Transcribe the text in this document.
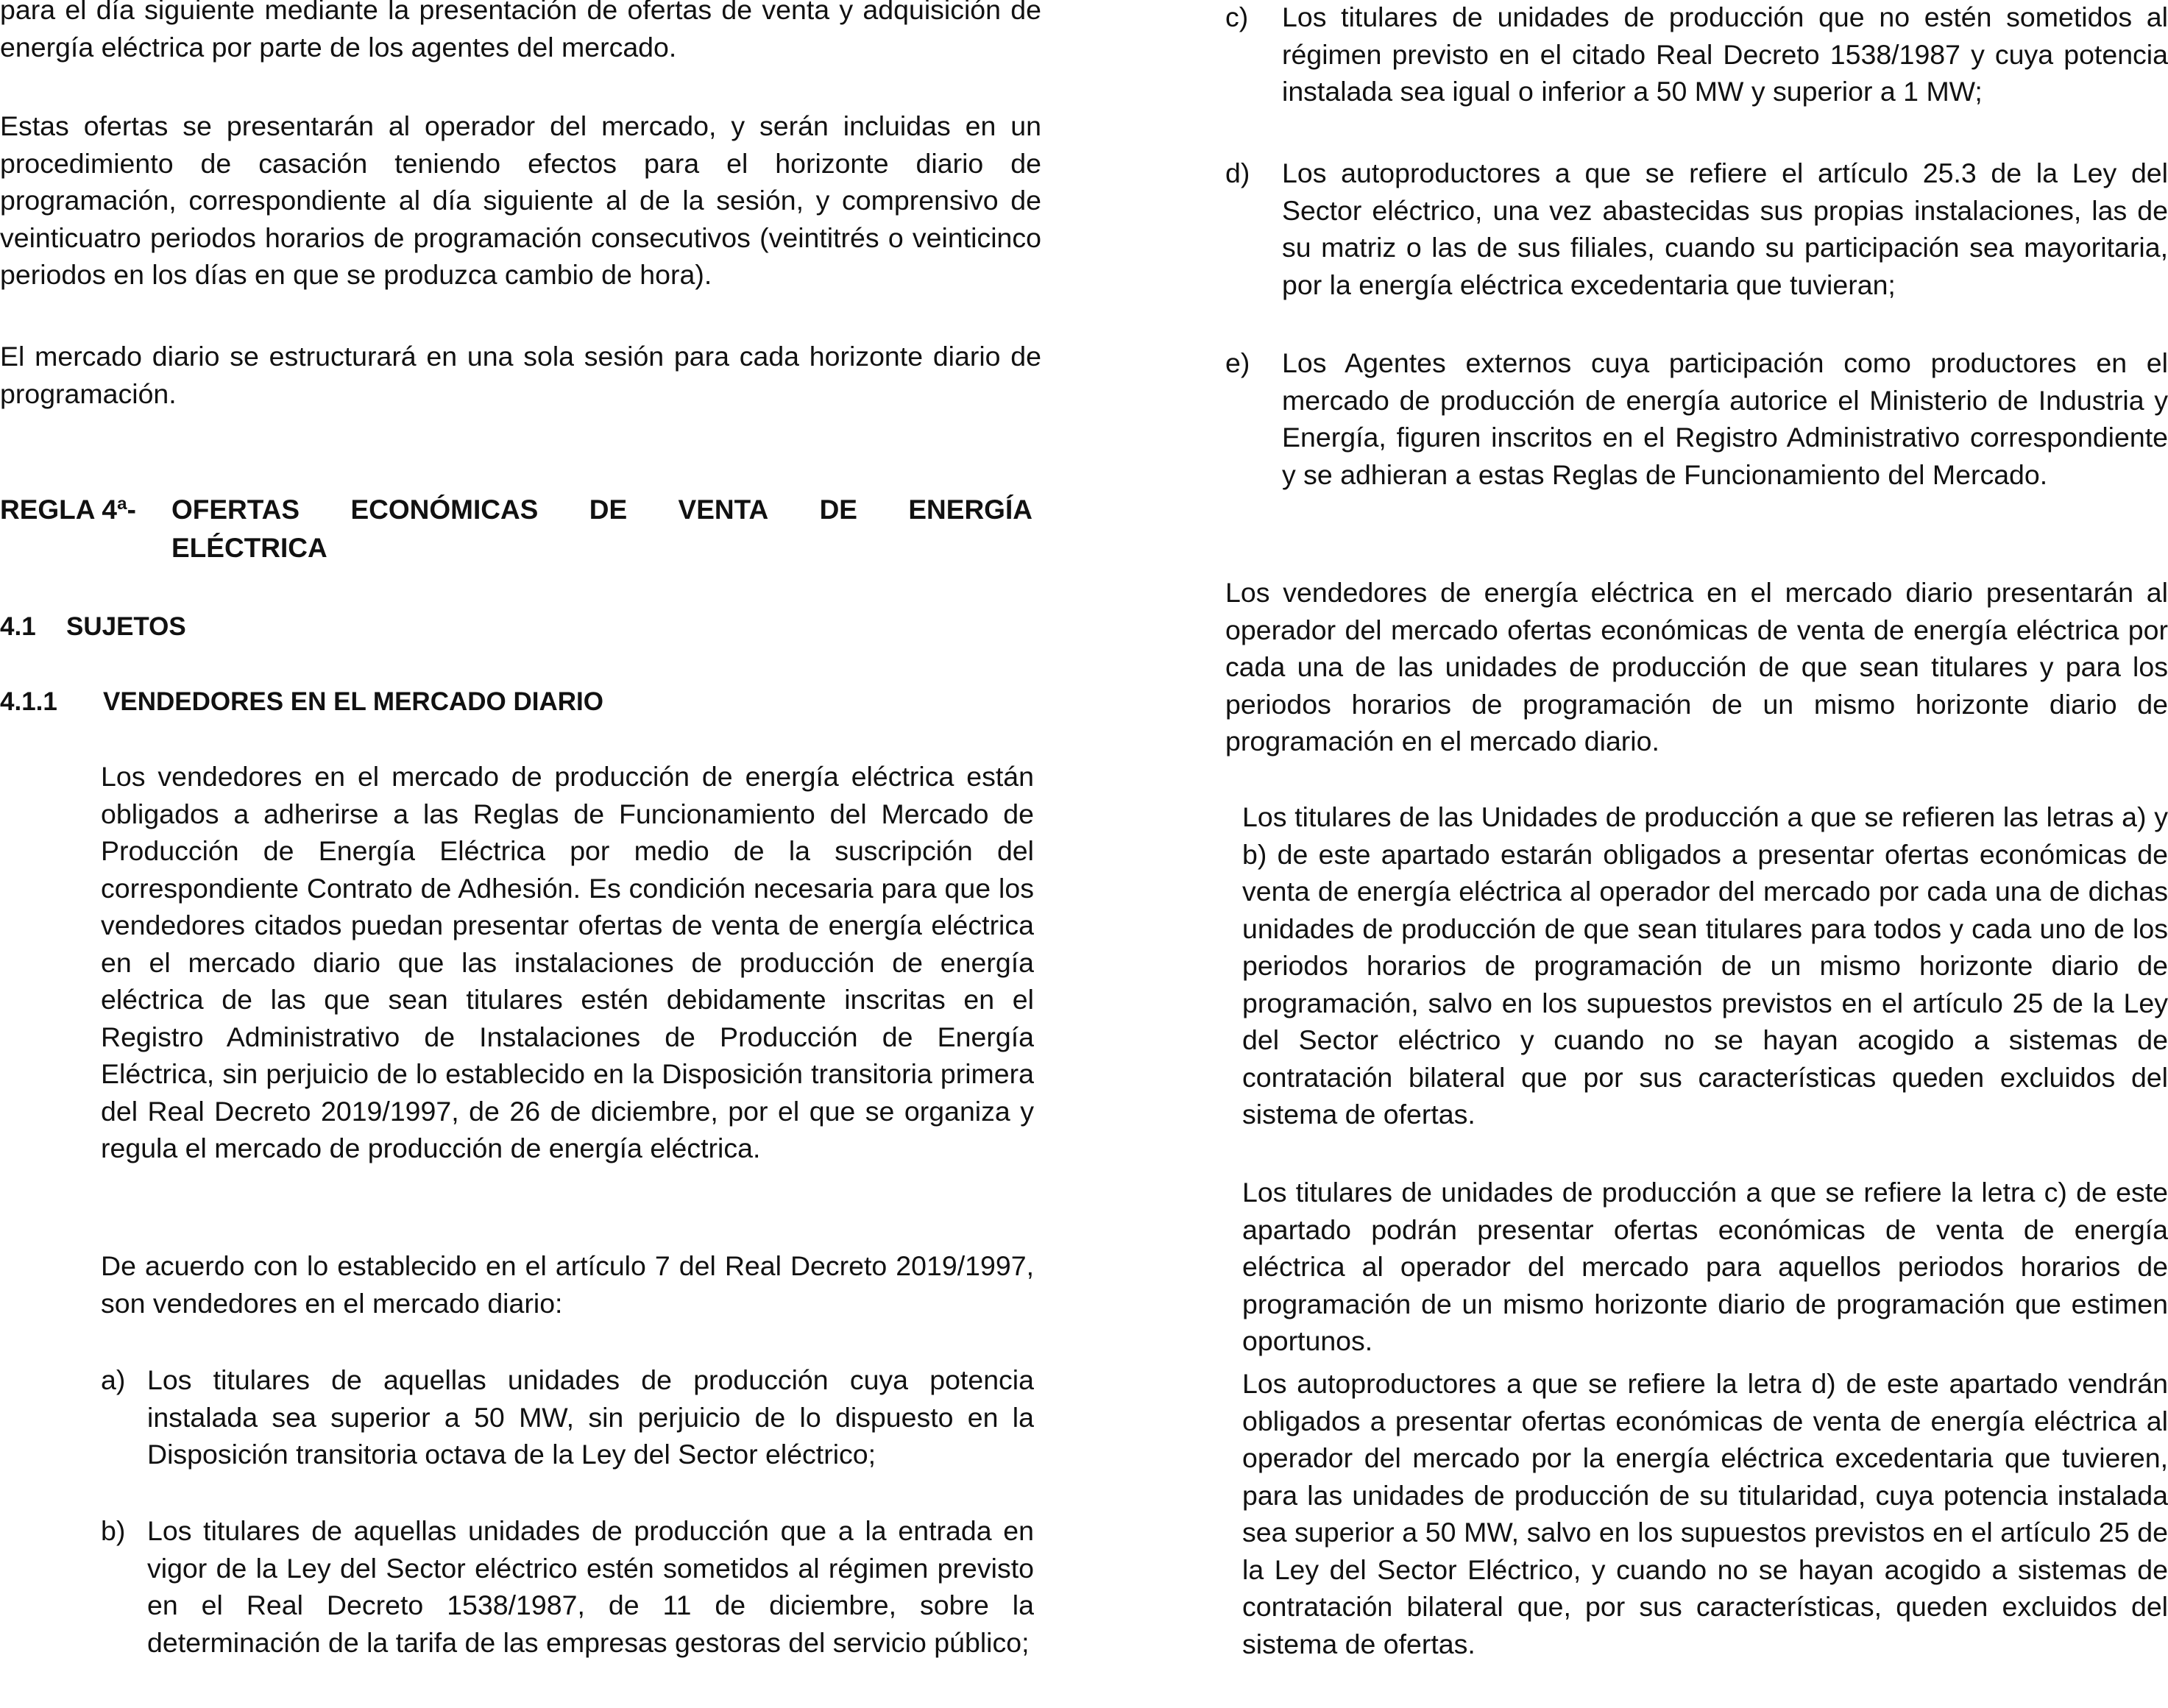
para el día siguiente mediante la presentación de ofertas de venta y adquisición de energía eléctrica por parte de los agentes del mercado.

Estas ofertas se presentarán al operador del mercado, y serán incluidas en un procedimiento de casación teniendo efectos para el horizonte diario de programación, correspondiente al día siguiente al de la sesión, y comprensivo de veinticuatro periodos horarios de programación consecutivos (veintitrés o veinticinco periodos en los días en que se produzca cambio de hora).

El mercado diario se estructurará en una sola sesión para cada horizonte diario de programación.

REGLA 4ª- OFERTAS ECONÓMICAS DE VENTA DE ENERGÍA
ELÉCTRICA
4.1 SUJETOS
4.1.1 VENDEDORES EN EL MERCADO DIARIO

Los vendedores en el mercado de producción de energía eléctrica están obligados a adherirse a las Reglas de Funcionamiento del Mercado de Producción de Energía Eléctrica por medio de la suscripción del correspondiente Contrato de Adhesión. Es condición necesaria para que los vendedores citados puedan presentar ofertas de venta de energía eléctrica en el mercado diario que las instalaciones de producción de energía eléctrica de las que sean titulares estén debidamente inscritas en el Registro Administrativo de Instalaciones de Producción de Energía Eléctrica, sin perjuicio de lo establecido en la Disposición transitoria primera del Real Decreto 2019/1997, de 26 de diciembre, por el que se organiza y regula el mercado de producción de energía eléctrica.

De acuerdo con lo establecido en el artículo 7 del Real Decreto 2019/1997, son vendedores en el mercado diario:

a) Los titulares de aquellas unidades de producción cuya potencia instalada sea superior a 50 MW, sin perjuicio de lo dispuesto en la Disposición transitoria octava de la Ley del Sector eléctrico;

b) Los titulares de aquellas unidades de producción que a la entrada en vigor de la Ley del Sector eléctrico estén sometidos al régimen previsto en el Real Decreto 1538/1987, de 11 de diciembre, sobre la determinación de la tarifa de las empresas gestoras del servicio público;

c) Los titulares de unidades de producción que no estén sometidos al régimen previsto en el citado Real Decreto 1538/1987 y cuya potencia instalada sea igual o inferior a 50 MW y superior a 1 MW;

d) Los autoproductores a que se refiere el artículo 25.3 de la Ley del Sector eléctrico, una vez abastecidas sus propias instalaciones, las de su matriz o las de sus filiales, cuando su participación sea mayoritaria, por la energía eléctrica excedentaria que tuvieran;

e) Los Agentes externos cuya participación como productores en el mercado de producción de energía autorice el Ministerio de Industria y Energía, figuren inscritos en el Registro Administrativo correspondiente y se adhieran a estas Reglas de Funcionamiento del Mercado.

Los vendedores de energía eléctrica en el mercado diario presentarán al operador del mercado ofertas económicas de venta de energía eléctrica por cada una de las unidades de producción de que sean titulares y para los periodos horarios de programación de un mismo horizonte diario de programación en el mercado diario.

Los titulares de las Unidades de producción a que se refieren las letras a) y b) de este apartado estarán obligados a presentar ofertas económicas de venta de energía eléctrica al operador del mercado por cada una de dichas unidades de producción de que sean titulares para todos y cada uno de los periodos horarios de programación de un mismo horizonte diario de programación, salvo en los supuestos previstos en el artículo 25 de la Ley del Sector eléctrico y cuando no se hayan acogido a sistemas de contratación bilateral que por sus características queden excluidos del sistema de ofertas.

Los titulares de unidades de producción a que se refiere la letra c) de este apartado podrán presentar ofertas económicas de venta de energía eléctrica al operador del mercado para aquellos periodos horarios de programación de un mismo horizonte diario de programación que estimen oportunos.

Los autoproductores a que se refiere la letra d) de este apartado vendrán obligados a presentar ofertas económicas de venta de energía eléctrica al operador del mercado por la energía eléctrica excedentaria que tuvieren, para las unidades de producción de su titularidad, cuya potencia instalada sea superior a 50 MW, salvo en los supuestos previstos en el artículo 25 de la Ley del Sector Eléctrico, y cuando no se hayan acogido a sistemas de contratación bilateral que, por sus características, queden excluidos del sistema de ofertas.
